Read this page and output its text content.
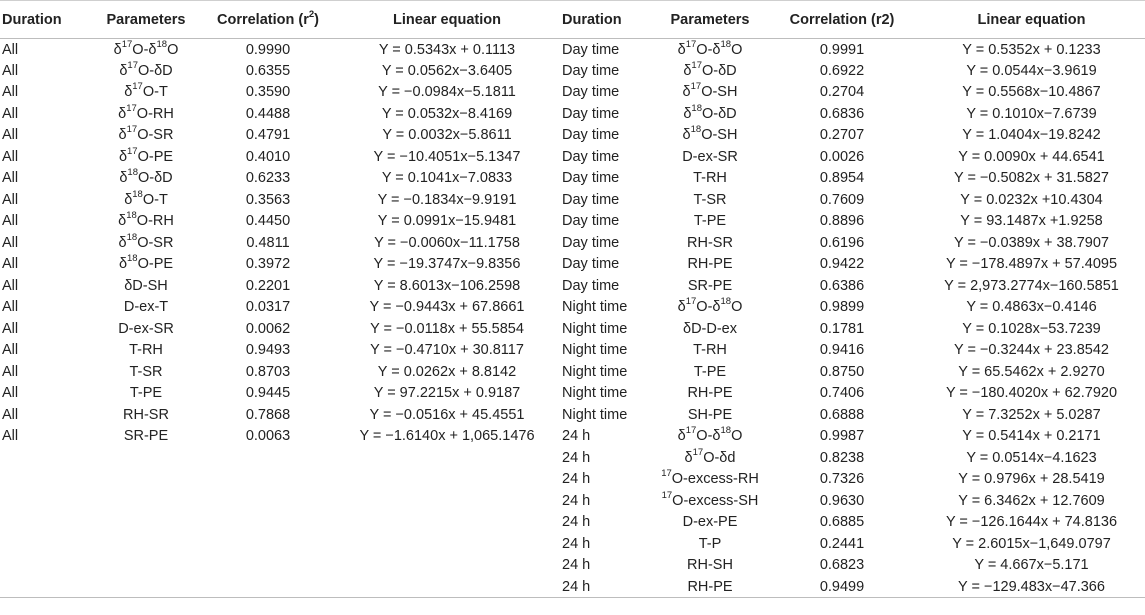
Duration	Parameters	Correlation $(r^2)$	Linear equation	Duration	Parameters	Correlation (r2)	Linear equation
All	$\delta^{17}O-\delta^{18}O$	0.9990	Y = 0.5343x + 0.1113	Day time	$\delta^{17}O-\delta^{18}O$	0.9991	Y = 0.5352x + 0.1233
All	$\delta^{17}O-\delta D$	0.6355	Y = 0.0562x−3.6405	Day time	$\delta^{17}O-\delta D$	0.6922	Y = 0.0544x−3.9619
All	$\delta^{17}O-T$	0.3590	Y = −0.0984x−5.1811	Day time	$\delta^{17}O-SH$	0.2704	Y = 0.5568x−10.4867
All	$\delta^{17}O-RH$	0.4488	Y = 0.0532x−8.4169	Day time	$\delta^{18}O-\delta D$	0.6836	Y = 0.1010x−7.6739
All	$\delta^{17}O-SR$	0.4791	Y = 0.0032x−5.8611	Day time	$\delta^{18}O-SH$	0.2707	Y = 1.0404x−19.8242
All	$\delta^{17}O-PE$	0.4010	Y = −10.4051x−5.1347	Day time	D-ex-SR	0.0026	Y = 0.0090x + 44.6541
All	$\delta^{18}O-\delta D$	0.6233	Y = 0.1041x−7.0833	Day time	T-RH	0.8954	Y = −0.5082x + 31.5827
All	$\delta^{18}O-T$	0.3563	Y = −0.1834x−9.9191	Day time	T-SR	0.7609	Y = 0.0232x +10.4304
All	$\delta^{18}O-RH$	0.4450	Y = 0.0991x−15.9481	Day time	T-PE	0.8896	Y = 93.1487x +1.9258
All	$\delta^{18}O-SR$	0.4811	Y = −0.0060x−11.1758	Day time	RH-SR	0.6196	Y = −0.0389x + 38.7907
All	$\delta^{18}O-PE$	0.3972	Y = −19.3747x−9.8356	Day time	RH-PE	0.9422	Y = −178.4897x + 57.4095
All	δD-SH	0.2201	Y = 8.6013x−106.2598	Day time	SR-PE	0.6386	Y = 2,973.2774x−160.5851
All	D-ex-T	0.0317	Y = −0.9443x + 67.8661	Night time	$\delta^{17}O-\delta^{18}O$	0.9899	Y = 0.4863x−0.4146
All	D-ex-SR	0.0062	Y = −0.0118x + 55.5854	Night time	δD-D-ex	0.1781	Y = 0.1028x−53.7239
All	T-RH	0.9493	Y = −0.4710x + 30.8117	Night time	T-RH	0.9416	Y = −0.3244x + 23.8542
All	T-SR	0.8703	Y = 0.0262x + 8.8142	Night time	T-PE	0.8750	Y = 65.5462x + 2.9270
All	T-PE	0.9445	Y = 97.2215x + 0.9187	Night time	RH-PE	0.7406	Y = −180.4020x + 62.7920
All	RH-SR	0.7868	Y = −0.0516x + 45.4551	Night time	SH-PE	0.6888	Y = 7.3252x + 5.0287
All	SR-PE	0.0063	Y = −1.6140x + 1,065.1476	24 h	$\delta^{17}O-\delta^{18}O$	0.9987	Y = 0.5414x + 0.2171
				24 h	$\delta^{17}O-\delta d$	0.8238	Y = 0.0514x−4.1623
				24 h	$^{17}$O-excess-RH	0.7326	Y = 0.9796x + 28.5419
				24 h	$^{17}$O-excess-SH	0.9630	Y = 6.3462x + 12.7609
				24 h	D-ex-PE	0.6885	Y = −126.1644x + 74.8136
				24 h	T-P	0.2441	Y = 2.6015x−1,649.0797
				24 h	RH-SH	0.6823	Y = 4.667x−5.171
				24 h	RH-PE	0.9499	Y = −129.483x−47.366
